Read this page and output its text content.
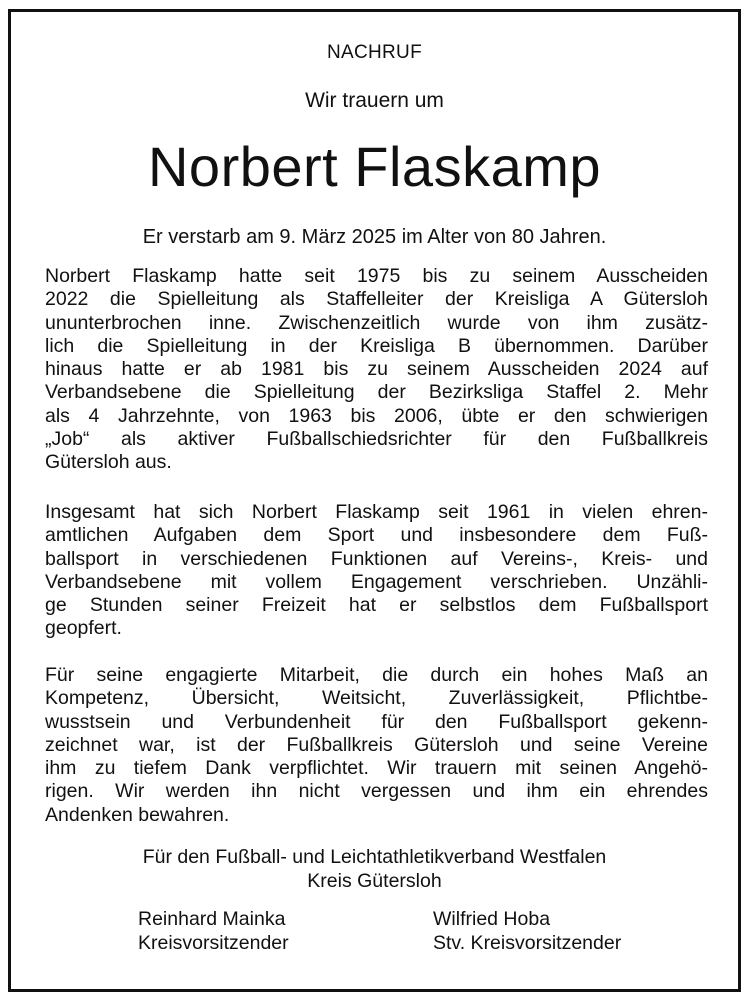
NACHRUF
Wir trauern um
Norbert Flaskamp
Er verstarb am 9. März 2025 im Alter von 80 Jahren.
Norbert Flaskamp hatte seit 1975 bis zu seinem Ausscheiden
2022 die Spielleitung als Staffelleiter der Kreisliga A Gütersloh
ununterbrochen inne. Zwischenzeitlich wurde von ihm zusätz-
lich die Spielleitung in der Kreisliga B übernommen. Darüber
hinaus hatte er ab 1981 bis zu seinem Ausscheiden 2024 auf
Verbandsebene die Spielleitung der Bezirksliga Staffel 2. Mehr
als 4 Jahrzehnte, von 1963 bis 2006, übte er den schwierigen
„Job“ als aktiver Fußballschiedsrichter für den Fußballkreis
Gütersloh aus.
Insgesamt hat sich Norbert Flaskamp seit 1961 in vielen ehren-
amtlichen Aufgaben dem Sport und insbesondere dem Fuß-
ballsport in verschiedenen Funktionen auf Vereins-, Kreis- und
Verbandsebene mit vollem Engagement verschrieben. Unzähli-
ge Stunden seiner Freizeit hat er selbstlos dem Fußballsport
geopfert.
Für seine engagierte Mitarbeit, die durch ein hohes Maß an
Kompetenz, Übersicht, Weitsicht, Zuverlässigkeit, Pflichtbe-
wusstsein und Verbundenheit für den Fußballsport gekenn-
zeichnet war, ist der Fußballkreis Gütersloh und seine Vereine
ihm zu tiefem Dank verpflichtet. Wir trauern mit seinen Angehö-
rigen. Wir werden ihn nicht vergessen und ihm ein ehrendes
Andenken bewahren.
Für den Fußball- und Leichtathletikverband Westfalen
Kreis Gütersloh
Reinhard Mainka
Kreisvorsitzender
Wilfried Hoba
Stv. Kreisvorsitzender
